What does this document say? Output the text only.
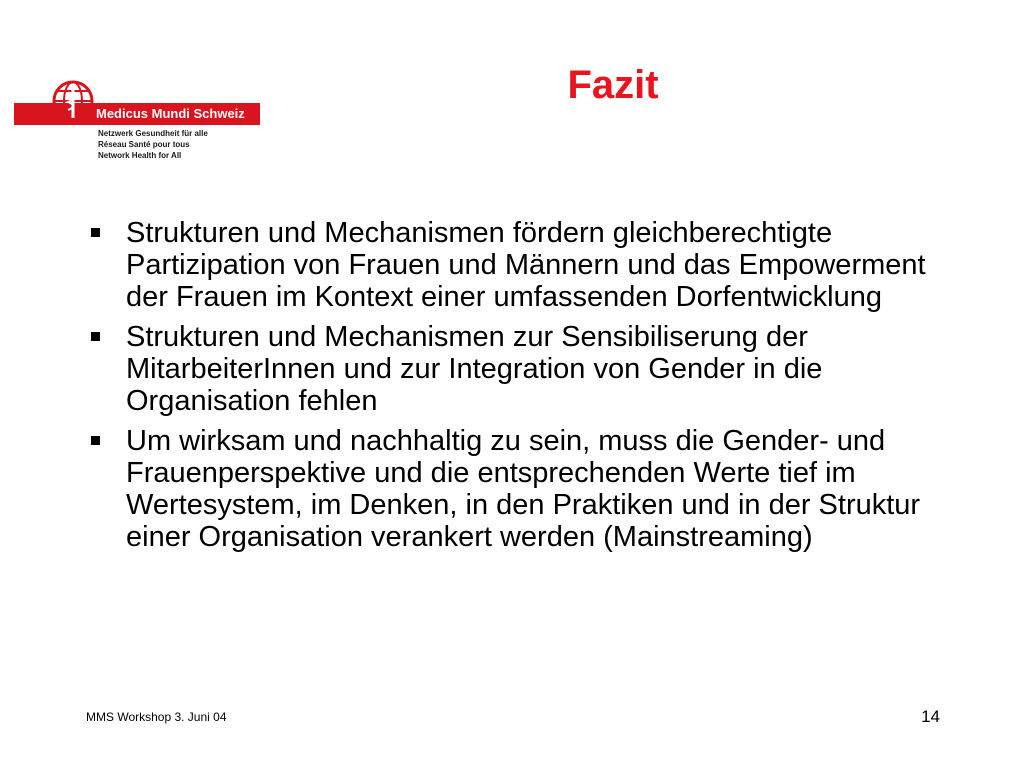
Medicus Mundi Schweiz
Netzwerk Gesundheit für alle
Réseau Santé pour tous
Network Health for All
Fazit
Strukturen und Mechanismen fördern gleichberechtigte Partizipation von Frauen und Männern und das Empowerment der Frauen im Kontext einer umfassenden Dorfentwicklung
Strukturen und Mechanismen zur Sensibiliserung der MitarbeiterInnen und zur Integration von Gender in die Organisation fehlen
Um wirksam und nachhaltig zu sein, muss die Gender- und Frauenperspektive und die entsprechenden Werte tief im Wertesystem, im Denken, in den Praktiken und in der Struktur einer Organisation verankert werden (Mainstreaming)
MMS Workshop 3. Juni 04	14
